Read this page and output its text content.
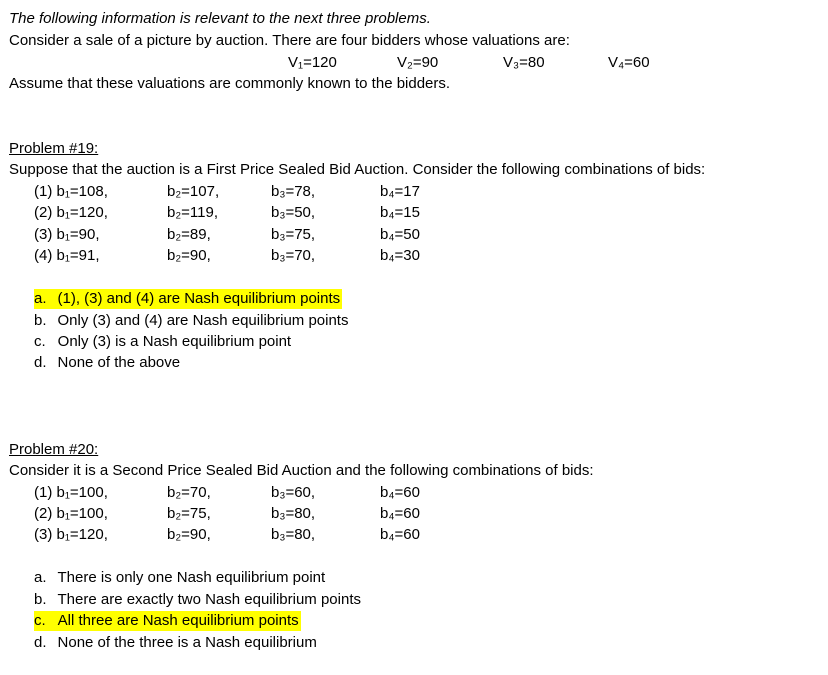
The following information is relevant to the next three problems.
Consider a sale of a picture by auction. There are four bidders whose valuations are:
V₁=120	V₂=90	V₃=80	V₄=60
Assume that these valuations are commonly known to the bidders.
Problem #19:
Suppose that the auction is a First Price Sealed Bid Auction. Consider the following combinations of bids:
(1) b₁=108,	b₂=107,	b₃=78,	b₄=17
(2) b₁=120,	b₂=119,	b₃=50,	b₄=15
(3) b₁=90,	b₂=89,	b₃=75,	b₄=50
(4) b₁=91,	b₂=90,	b₃=70,	b₄=30
a. (1), (3) and (4) are Nash equilibrium points
b. Only (3) and (4) are Nash equilibrium points
c. Only (3) is a Nash equilibrium point
d. None of the above
Problem #20:
Consider it is a Second Price Sealed Bid Auction and the following combinations of bids:
(1) b₁=100,	b₂=70,	b₃=60,	b₄=60
(2) b₁=100,	b₂=75,	b₃=80,	b₄=60
(3) b₁=120,	b₂=90,	b₃=80,	b₄=60
a. There is only one Nash equilibrium point
b. There are exactly two Nash equilibrium points
c. All three are Nash equilibrium points
d. None of the three is a Nash equilibrium
